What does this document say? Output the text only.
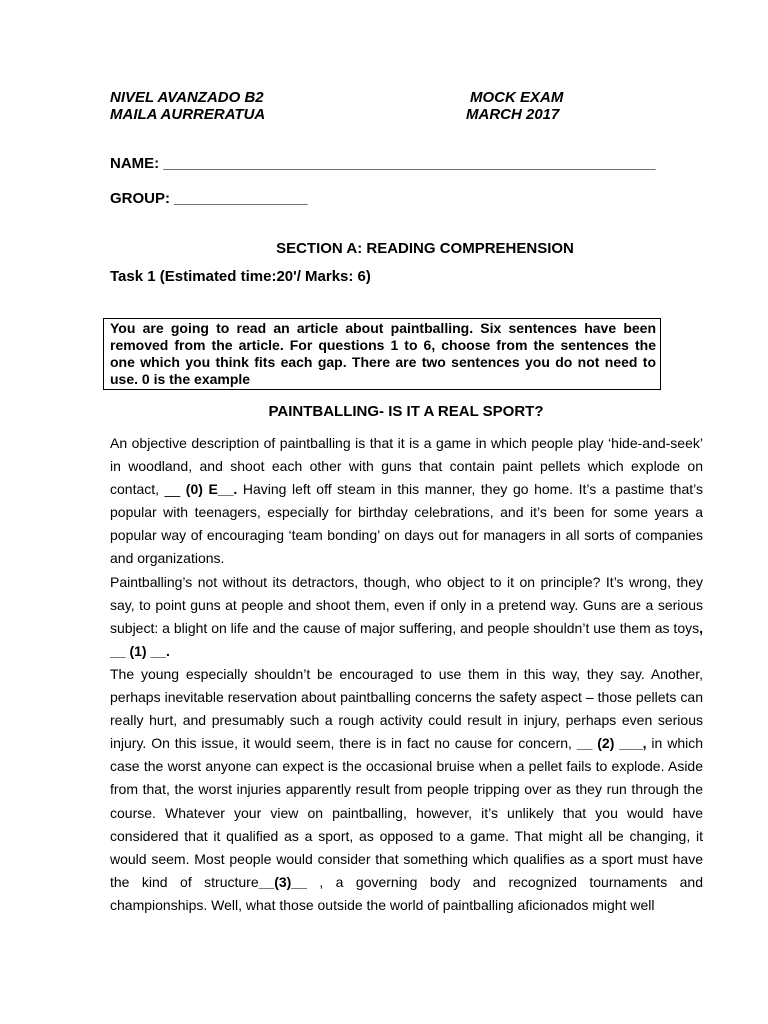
NIVEL AVANZADO B2
MAILA AURRERATUA
MOCK EXAM
MARCH 2017
NAME: ___________________________________________________________
GROUP: ________________
SECTION A: READING COMPREHENSION
Task 1 (Estimated time:20'/ Marks: 6)
You are going to read an article about paintballing. Six sentences have been removed from the article. For questions 1 to 6, choose from the sentences the one which you think fits each gap. There are two sentences you do not need to use. 0 is the example
PAINTBALLING- IS IT A REAL SPORT?

An objective description of paintballing is that it is a game in which people play ‘hide-and-seek’ in woodland, and shoot each other with guns that contain paint pellets which explode on contact, __ (0) E__. Having left off steam in this manner, they go home. It’s a pastime that’s popular with teenagers, especially for birthday celebrations, and it’s been for some years a popular way of encouraging ‘team bonding’ on days out for managers in all sorts of companies and organizations.

Paintballing’s not without its detractors, though, who object to it on principle? It’s wrong, they say, to point guns at people and shoot them, even if only in a pretend way. Guns are a serious subject: a blight on life and the cause of major suffering, and people shouldn’t use them as toys, __ (1) __.

The young especially shouldn’t be encouraged to use them in this way, they say. Another, perhaps inevitable reservation about paintballing concerns the safety aspect – those pellets can really hurt, and presumably such a rough activity could result in injury, perhaps even serious injury. On this issue, it would seem, there is in fact no cause for concern, __ (2) ___, in which case the worst anyone can expect is the occasional bruise when a pellet fails to explode. Aside from that, the worst injuries apparently result from people tripping over as they run through the course. Whatever your view on paintballing, however, it’s unlikely that you would have considered that it qualified as a sport, as opposed to a game. That might all be changing, it would seem. Most people would consider that something which qualifies as a sport must have the kind of structure__(3)__ , a governing body and recognized tournaments and championships. Well, what those outside the world of paintballing aficionados might well
